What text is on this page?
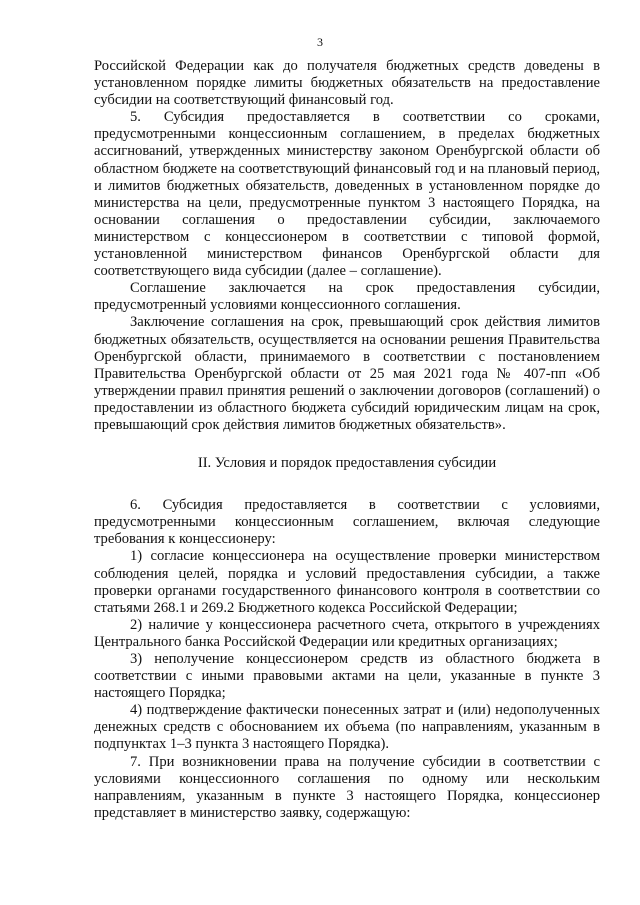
3

Российской Федерации как до получателя бюджетных средств доведены в установленном порядке лимиты бюджетных обязательств на предоставление субсидии на соответствующий финансовый год.

5. Субсидия предоставляется в соответствии со сроками, предусмотренными концессионным соглашением, в пределах бюджетных ассигнований, утвержденных министерству законом Оренбургской области об областном бюджете на соответствующий финансовый год и на плановый период, и лимитов бюджетных обязательств, доведенных в установленном порядке до министерства на цели, предусмотренные пунктом 3 настоящего Порядка, на основании соглашения о предоставлении субсидии, заключаемого министерством с концессионером в соответствии с типовой формой, установленной министерством финансов Оренбургской области для соответствующего вида субсидии (далее – соглашение).

Соглашение заключается на срок предоставления субсидии, предусмотренный условиями концессионного соглашения.

Заключение соглашения на срок, превышающий срок действия лимитов бюджетных обязательств, осуществляется на основании решения Правительства Оренбургской области, принимаемого в соответствии с постановлением Правительства Оренбургской области от 25 мая 2021 года № 407-пп «Об утверждении правил принятия решений о заключении договоров (соглашений) о предоставлении из областного бюджета субсидий юридическим лицам на срок, превышающий срок действия лимитов бюджетных обязательств».

II. Условия и порядок предоставления субсидии

6. Субсидия предоставляется в соответствии с условиями, предусмотренными концессионным соглашением, включая следующие требования к концессионеру:

1) согласие концессионера на осуществление проверки министерством соблюдения целей, порядка и условий предоставления субсидии, а также проверки органами государственного финансового контроля в соответствии со статьями 268.1 и 269.2 Бюджетного кодекса Российской Федерации;

2) наличие у концессионера расчетного счета, открытого в учреждениях Центрального банка Российской Федерации или кредитных организациях;

3) неполучение концессионером средств из областного бюджета в соответствии с иными правовыми актами на цели, указанные в пункте 3 настоящего Порядка;

4) подтверждение фактически понесенных затрат и (или) недополученных денежных средств с обоснованием их объема (по направлениям, указанным в подпунктах 1–3 пункта 3 настоящего Порядка).

7. При возникновении права на получение субсидии в соответствии с условиями концессионного соглашения по одному или нескольким направлениям, указанным в пункте 3 настоящего Порядка, концессионер представляет в министерство заявку, содержащую:
